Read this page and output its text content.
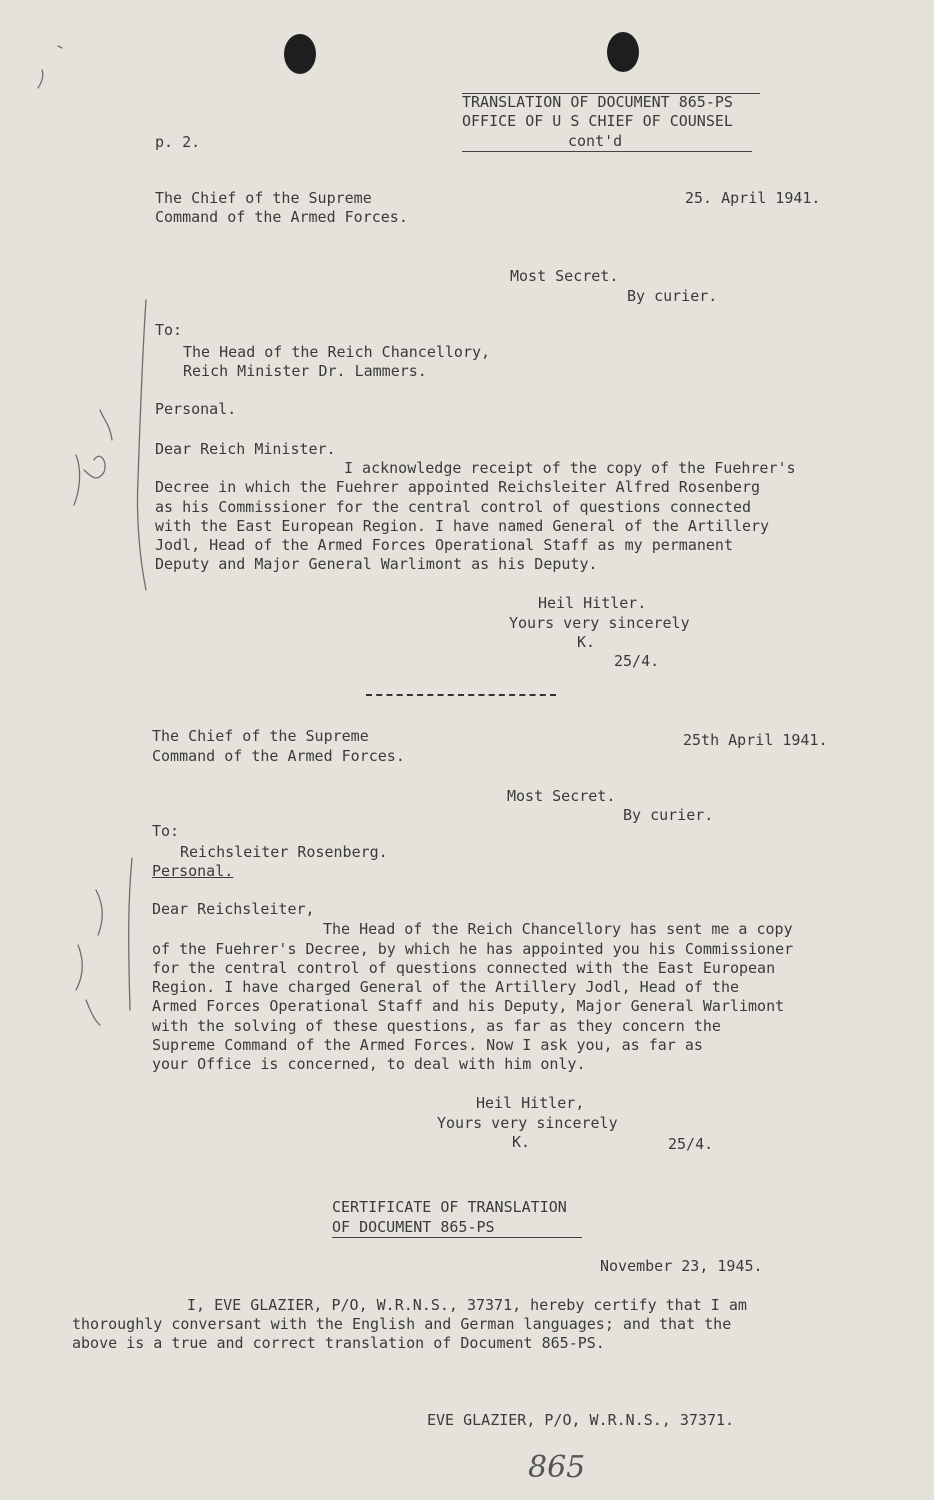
TRANSLATION OF DOCUMENT 865-PS

OFFICE OF U S CHIEF OF COUNSEL

cont'd

p. 2.

The Chief of the Supreme

Command of the Armed Forces.

25. April 1941.

Most Secret.

By curier.

To:

The Head of the Reich Chancellory,

Reich Minister Dr. Lammers.

Personal.

Dear Reich Minister.

I acknowledge receipt of the copy of the Fuehrer's

Decree in which the Fuehrer appointed Reichsleiter Alfred Rosenberg

as his Commissioner for the central control of questions connected

with the East European Region. I have named General of the Artillery

Jodl, Head of the Armed Forces Operational Staff as my permanent

Deputy and Major General Warlimont as his Deputy.

Heil Hitler.

Yours very sincerely

K.

25/4.

The Chief of the Supreme

Command of the Armed Forces.

25th April 1941.

Most Secret.

By curier.

To:

Reichsleiter Rosenberg.

Personal.

Dear Reichsleiter,

The Head of the Reich Chancellory has sent me a copy

of the Fuehrer's Decree, by which he has appointed you his Commissioner

for the central control of questions connected with the East European

Region. I have charged General of the Artillery Jodl, Head of the

Armed Forces Operational Staff and his Deputy, Major General Warlimont

with the solving of these questions, as far as they concern the

Supreme Command of the Armed Forces. Now I ask you, as far as

your Office is concerned, to deal with him only.

Heil Hitler,

Yours very sincerely

K.	25/4.

CERTIFICATE OF TRANSLATION

OF DOCUMENT 865-PS

November 23, 1945.

I, EVE GLAZIER, P/O, W.R.N.S., 37371, hereby certify that I am

thoroughly conversant with the English and German languages; and that the

above is a true and correct translation of Document 865-PS.

EVE GLAZIER, P/O, W.R.N.S., 37371.

865
